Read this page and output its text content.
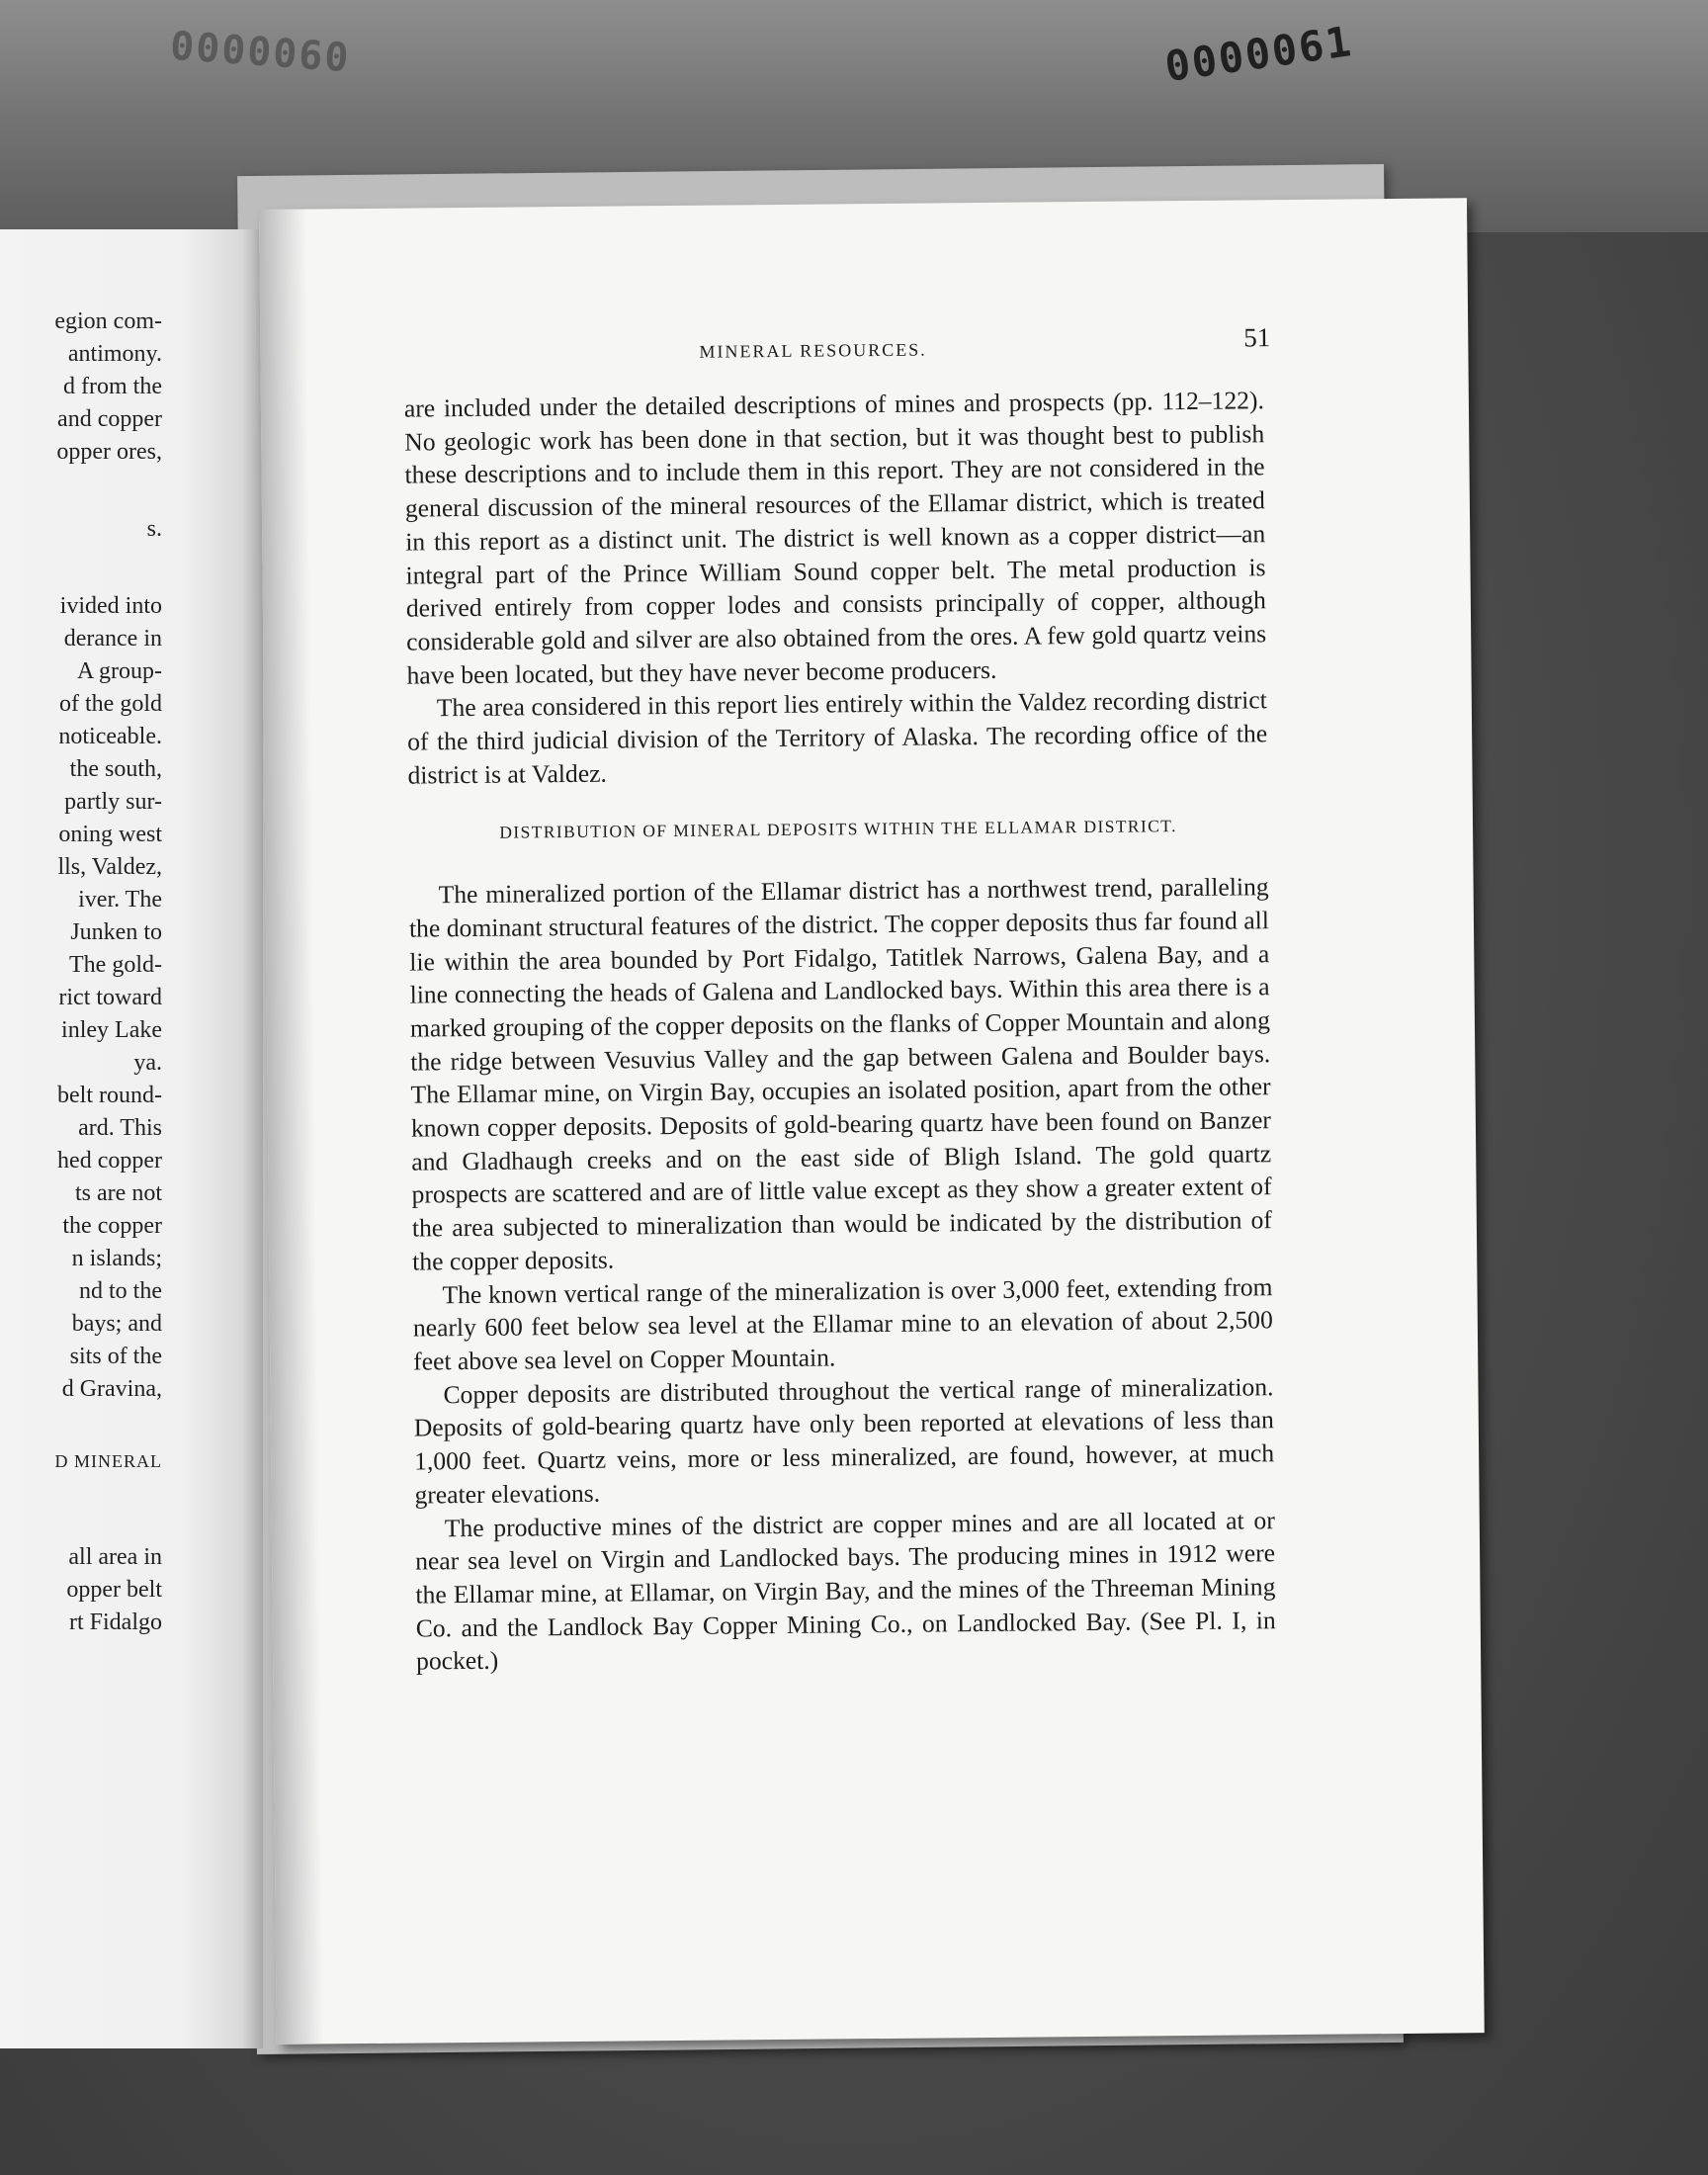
0000060	0000061
egion com-
antimony.
d from the
and copper
opper ores,
s.
ivided into
derance in
A group-
of the gold
noticeable.
the south,
partly sur-
oning west
lls, Valdez,
iver. The
Junken to
The gold-
rict toward
inley Lake
ya.
belt round-
ard. This
hed copper
ts are not
the copper
n islands;
nd to the
bays; and
sits of the
d Gravina,
D MINERAL
all area in
opper belt
rt Fidalgo
MINERAL RESOURCES.	51

are included under the detailed descriptions of mines and prospects (pp. 112–122). No geologic work has been done in that section, but it was thought best to publish these descriptions and to include them in this report. They are not considered in the general discussion of the mineral resources of the Ellamar district, which is treated in this report as a distinct unit. The district is well known as a copper district—an integral part of the Prince William Sound copper belt. The metal production is derived entirely from copper lodes and consists principally of copper, although considerable gold and silver are also obtained from the ores. A few gold quartz veins have been located, but they have never become producers.

The area considered in this report lies entirely within the Valdez recording district of the third judicial division of the Territory of Alaska. The recording office of the district is at Valdez.

DISTRIBUTION OF MINERAL DEPOSITS WITHIN THE ELLAMAR DISTRICT.

The mineralized portion of the Ellamar district has a northwest trend, paralleling the dominant structural features of the district. The copper deposits thus far found all lie within the area bounded by Port Fidalgo, Tatitlek Narrows, Galena Bay, and a line connecting the heads of Galena and Landlocked bays. Within this area there is a marked grouping of the copper deposits on the flanks of Copper Mountain and along the ridge between Vesuvius Valley and the gap between Galena and Boulder bays. The Ellamar mine, on Virgin Bay, occupies an isolated position, apart from the other known copper deposits. Deposits of gold-bearing quartz have been found on Banzer and Gladhaugh creeks and on the east side of Bligh Island. The gold quartz prospects are scattered and are of little value except as they show a greater extent of the area subjected to mineralization than would be indicated by the distribution of the copper deposits.

The known vertical range of the mineralization is over 3,000 feet, extending from nearly 600 feet below sea level at the Ellamar mine to an elevation of about 2,500 feet above sea level on Copper Mountain.

Copper deposits are distributed throughout the vertical range of mineralization. Deposits of gold-bearing quartz have only been reported at elevations of less than 1,000 feet. Quartz veins, more or less mineralized, are found, however, at much greater elevations.

The productive mines of the district are copper mines and are all located at or near sea level on Virgin and Landlocked bays. The producing mines in 1912 were the Ellamar mine, at Ellamar, on Virgin Bay, and the mines of the Threeman Mining Co. and the Landlock Bay Copper Mining Co., on Landlocked Bay. (See Pl. I, in pocket.)
